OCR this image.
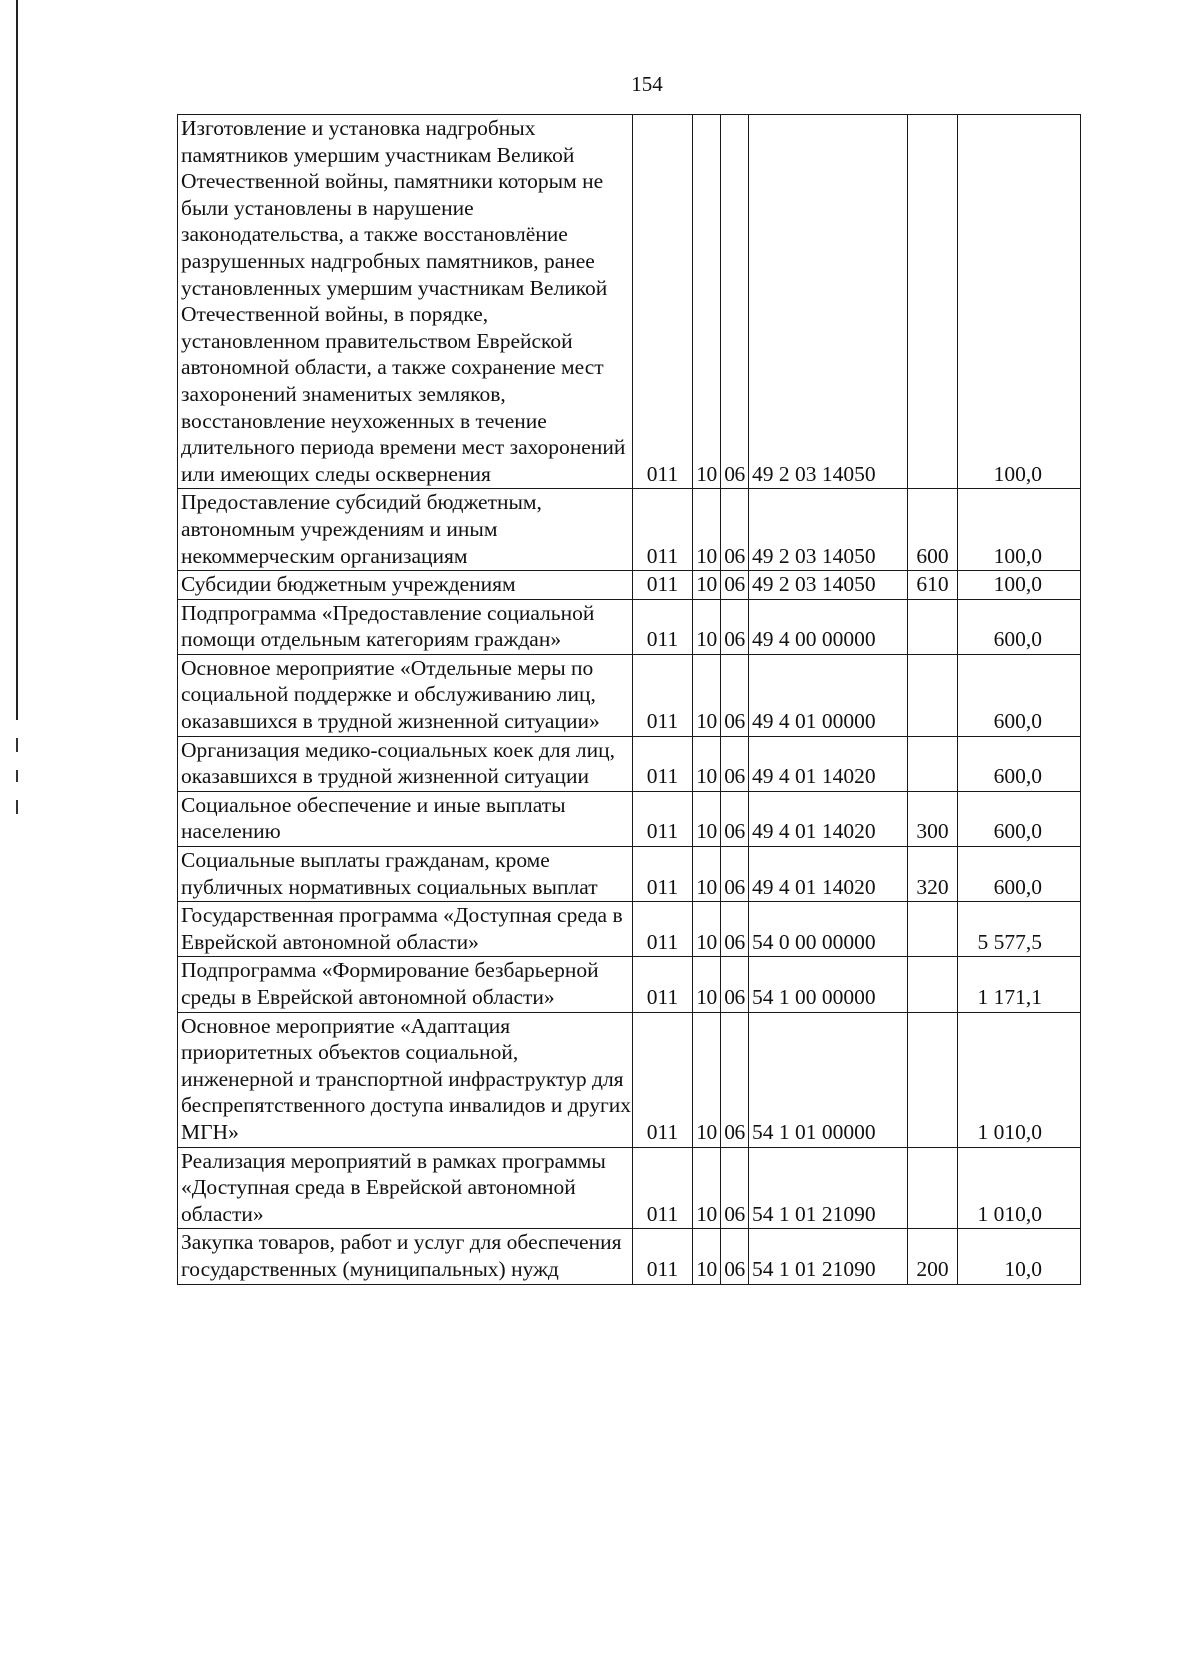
154
Изготовление и установка надгробных памятников умершим участникам Великой Отечественной войны, памятники которым не были установлены в нарушение законодательства, а также восстановлëние разрушенных надгробных памятников, ранее установленных умершим участникам Великой Отечественной войны, в порядке, установленном правительством Еврейской автономной области, а также сохранение мест захоронений знаменитых земляков, восстановление неухоженных в течение длительного периода времени мест захоронений или имеющих следы осквернения	011	10	06	49 2 03 14050		100,0
Предоставление субсидий бюджетным, автономным учреждениям и иным некоммерческим организациям	011	10	06	49 2 03 14050	600	100,0
Субсидии бюджетным учреждениям	011	10	06	49 2 03 14050	610	100,0
Подпрограмма «Предоставление социальной помощи отдельным категориям граждан»	011	10	06	49 4 00 00000		600,0
Основное мероприятие «Отдельные меры по социальной поддержке и обслуживанию лиц, оказавшихся в трудной жизненной ситуации»	011	10	06	49 4 01 00000		600,0
Организация медико-социальных коек для лиц, оказавшихся в трудной жизненной ситуации	011	10	06	49 4 01 14020		600,0
Социальное обеспечение и иные выплаты населению	011	10	06	49 4 01 14020	300	600,0
Социальные выплаты гражданам, кроме публичных нормативных социальных выплат	011	10	06	49 4 01 14020	320	600,0
Государственная программа «Доступная среда в Еврейской автономной области»	011	10	06	54 0 00 00000		5 577,5
Подпрограмма «Формирование безбарьерной среды в Еврейской автономной области»	011	10	06	54 1 00 00000		1 171,1
Основное мероприятие «Адаптация приоритетных объектов социальной, инженерной и транспортной инфраструктур для беспрепятственного доступа инвалидов и других МГН»	011	10	06	54 1 01 00000		1 010,0
Реализация мероприятий в рамках программы «Доступная среда в Еврейской автономной области»	011	10	06	54 1 01 21090		1 010,0
Закупка товаров, работ и услуг для обеспечения государственных (муниципальных) нужд	011	10	06	54 1 01 21090	200	10,0
